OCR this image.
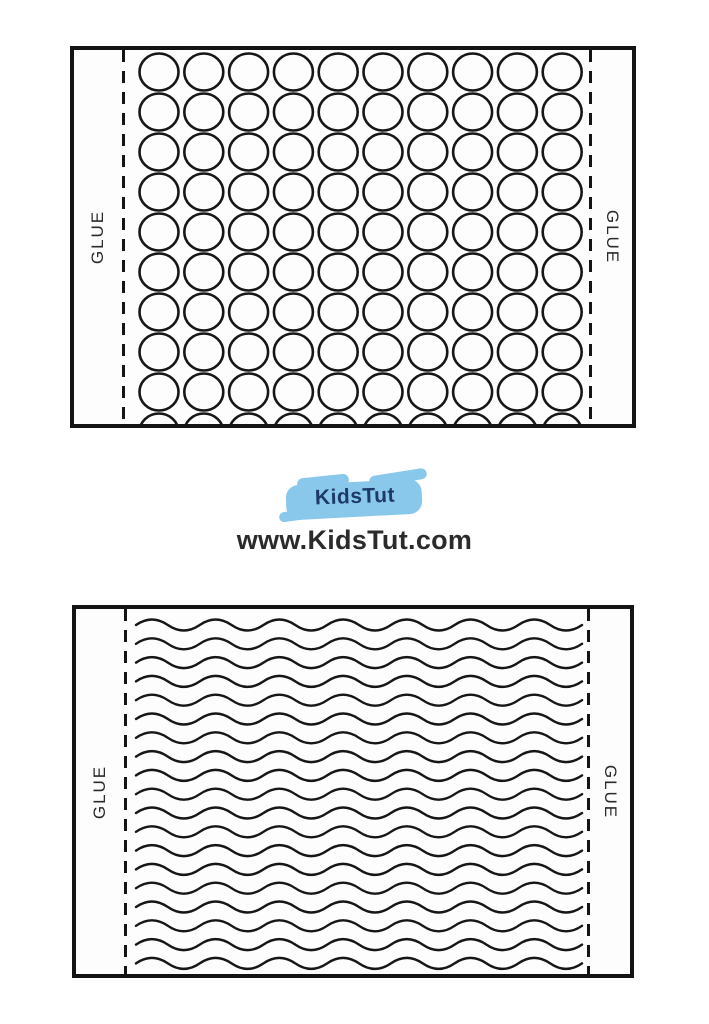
GLUE	GLUE
KidsTut
www.KidsTut.com
GLUE	GLUE
